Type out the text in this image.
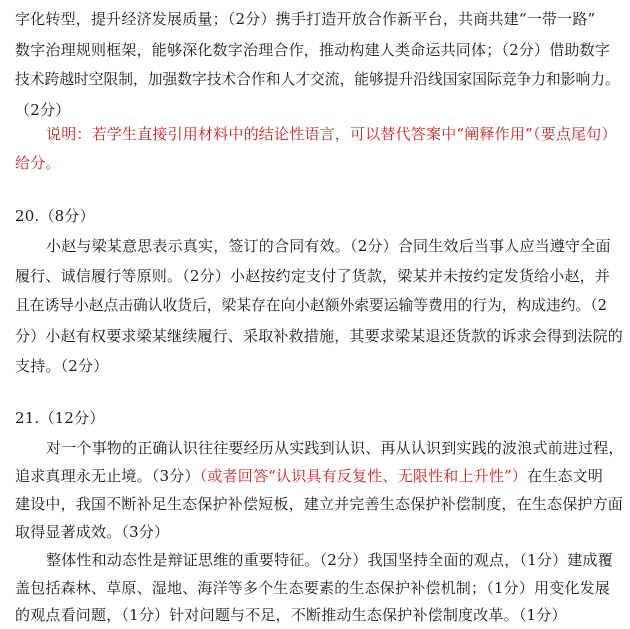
字化转型，提升经济发展质量；（2分）携手打造开放合作新平台，共商共建“一带一路”
数字治理规则框架，能够深化数字治理合作，推动构建人类命运共同体；（2分）借助数字
技术跨越时空限制，加强数字技术合作和人才交流，能够提升沿线国家国际竞争力和影响力。
（2分）
说明：若学生直接引用材料中的结论性语言，可以替代答案中“阐释作用”（要点尾句）
给分。
20.（8分）
小赵与梁某意思表示真实，签订的合同有效。（2分）合同生效后当事人应当遵守全面
履行、诚信履行等原则。（2分）小赵按约定支付了货款，梁某并未按约定发货给小赵，并
且在诱导小赵点击确认收货后，梁某存在向小赵额外索要运输等费用的行为，构成违约。（2
分）小赵有权要求梁某继续履行、采取补救措施，其要求梁某退还货款的诉求会得到法院的
支持。（2分）
21.（12分）
对一个事物的正确认识往往要经历从实践到认识、再从认识到实践的波浪式前进过程，
追求真理永无止境。（3分）（或者回答“认识具有反复性、无限性和上升性”）在生态文明
建设中，我国不断补足生态保护补偿短板，建立并完善生态保护补偿制度，在生态保护方面
取得显著成效。（3分）
整体性和动态性是辩证思维的重要特征。（2分）我国坚持全面的观点，（1分）建成覆
盖包括森林、草原、湿地、海洋等多个生态要素的生态保护补偿机制；（1分）用变化发展
的观点看问题，（1分）针对问题与不足，不断推动生态保护补偿制度改革。（1分）
